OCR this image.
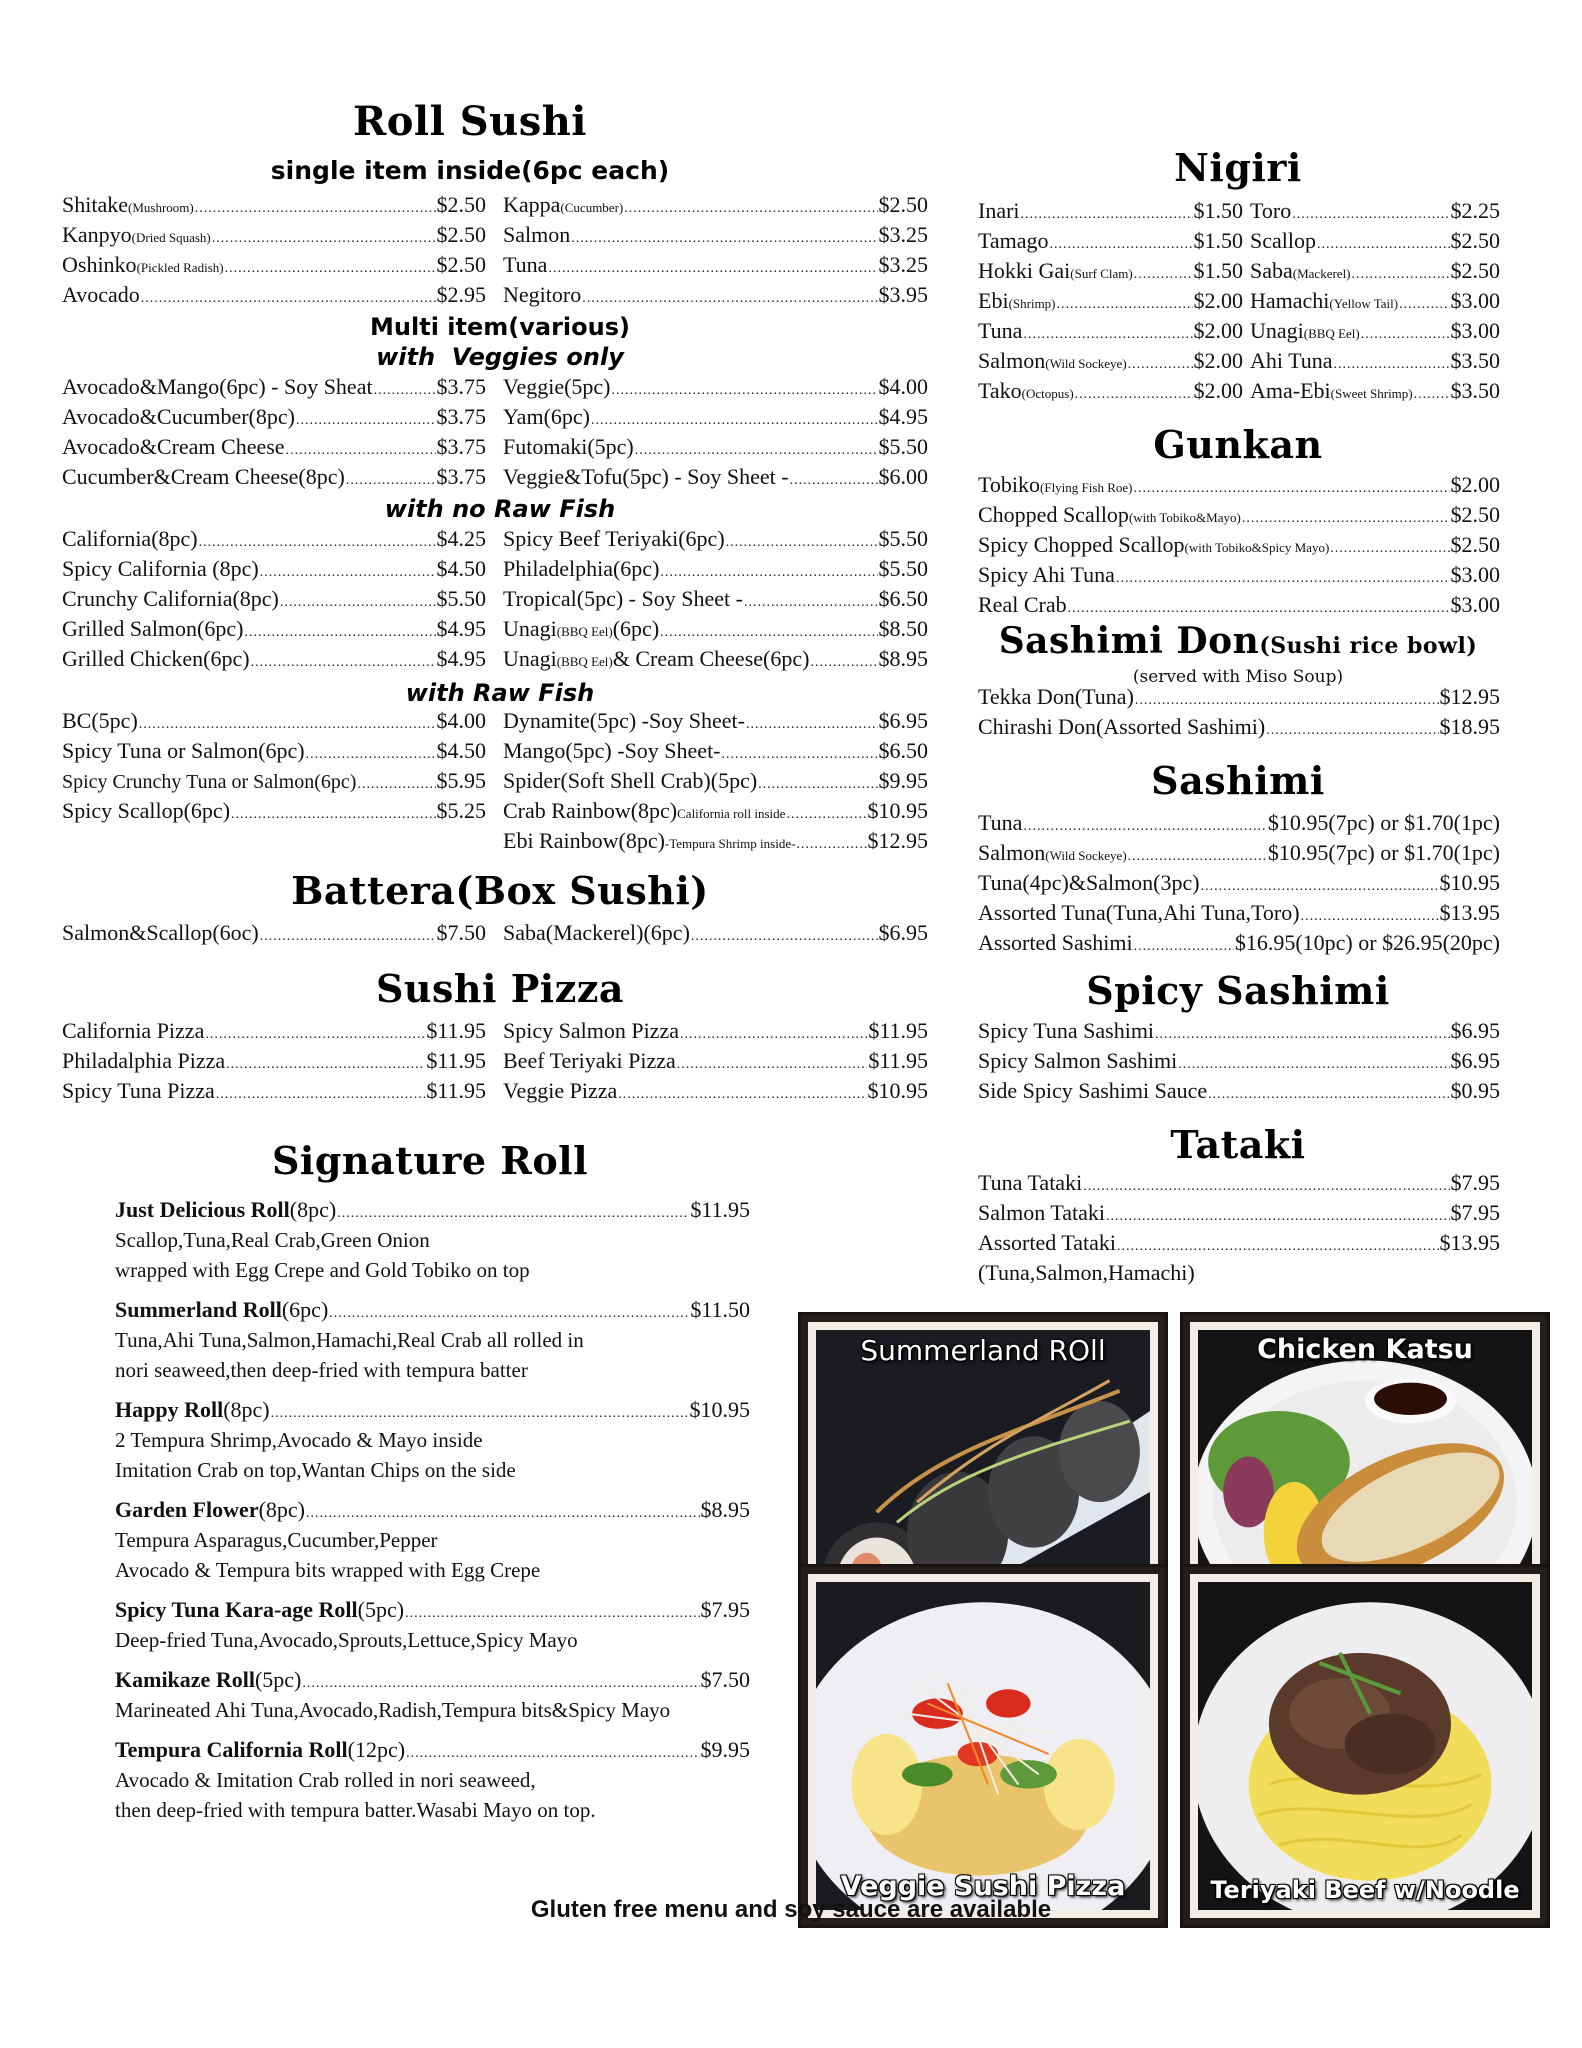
Roll Sushi
single item inside(6pc each)
Shitake (Mushroom) .....	$2.50
Kanpyo (Dried Squash) .....	$2.50
Oshinko (Pickled Radish) .....	$2.50
Avocado .....	$2.95
Kappa (Cucumber) .....	$2.50
Salmon .....	$3.25
Tuna .....	$3.25
Negitoro .....	$3.95
Multi item(various)
with  Veggies only
Avocado&Mango(6pc) - Soy Sheat .....	$3.75
Avocado&Cucumber(8pc) .....	$3.75
Avocado&Cream Cheese .....	$3.75
Cucumber&Cream Cheese(8pc) .....	$3.75
Veggie(5pc) .....	$4.00
Yam(6pc) .....	$4.95
Futomaki(5pc) .....	$5.50
Veggie&Tofu(5pc) - Soy Sheet - .....	$6.00
with no Raw Fish
California(8pc) .....	$4.25
Spicy California (8pc) .....	$4.50
Crunchy California(8pc) .....	$5.50
Grilled Salmon(6pc) .....	$4.95
Grilled Chicken(6pc) .....	$4.95
Spicy Beef Teriyaki(6pc) .....	$5.50
Philadelphia(6pc) .....	$5.50
Tropical(5pc) - Soy Sheet - .....	$6.50
Unagi (BBQ Eel) (6pc) .....	$8.50
Unagi (BBQ Eel) & Cream Cheese(6pc) .....	$8.95
with Raw Fish
BC(5pc) .....	$4.00
Spicy Tuna or Salmon(6pc) .....	$4.50
Spicy Crunchy Tuna or Salmon(6pc) .....	$5.95
Spicy Scallop(6pc) .....	$5.25
Dynamite(5pc) -Soy Sheet- .....	$6.95
Mango(5pc) -Soy Sheet- .....	$6.50
Spider(Soft Shell Crab)(5pc) .....	$9.95
Crab Rainbow(8pc) California roll inside .....	$10.95
Ebi Rainbow(8pc) -Tempura Shrimp inside- .....	$12.95
Battera(Box Sushi)
Salmon&Scallop(6oc) .....	$7.50 Saba(Mackerel)(6pc) .....	$6.95
Sushi Pizza
California Pizza .....	$11.95
Philadalphia Pizza .....	$11.95
Spicy Tuna Pizza .....	$11.95
Spicy Salmon Pizza .....	$11.95
Beef Teriyaki Pizza .....	$11.95
Veggie Pizza .....	$10.95
Signature Roll
Just Delicious Roll (8pc) .....	$11.95
Scallop,Tuna,Real Crab,Green Onion
wrapped with Egg Crepe and Gold Tobiko on top
Summerland Roll (6pc) .....	$11.50
Tuna,Ahi Tuna,Salmon,Hamachi,Real Crab all rolled in
nori seaweed,then deep-fried with tempura batter
Happy Roll (8pc) .....	$10.95
2 Tempura Shrimp,Avocado & Mayo inside
Imitation Crab on top,Wantan Chips on the side
Garden Flower (8pc) .....	$8.95
Tempura Asparagus,Cucumber,Pepper
Avocado & Tempura bits wrapped with Egg Crepe
Spicy Tuna Kara-age Roll (5pc) .....	$7.95
Deep-fried Tuna,Avocado,Sprouts,Lettuce,Spicy Mayo
Kamikaze Roll (5pc) .....	$7.50
Marineated Ahi Tuna,Avocado,Radish,Tempura bits&Spicy Mayo
Tempura California Roll (12pc) .....	$9.95
Avocado & Imitation Crab rolled in nori seaweed,
then deep-fried with tempura batter.Wasabi Mayo on top.
Nigiri
Inari .....	$1.50
Tamago .....	$1.50
Hokki Gai (Surf Clam) .....	$1.50
Ebi (Shrimp) .....	$2.00
Tuna .....	$2.00
Salmon (Wild Sockeye) .....	$2.00
Tako (Octopus) .....	$2.00
Toro .....	$2.25
Scallop .....	$2.50
Saba (Mackerel) .....	$2.50
Hamachi (Yellow Tail) ..... $3.00
Unagi (BBQ Eel) .....	$3.00
Ahi Tuna .....	$3.50
Ama-Ebi (Sweet Shrimp) ..... $3.50
Gunkan
Tobiko (Flying Fish Roe) .....	$2.00
Chopped Scallop (with Tobiko&Mayo) .....	$2.50
Spicy Chopped Scallop (with Tobiko&Spicy Mayo) .....	$2.50
Spicy Ahi Tuna .....	$3.00
Real Crab .....	$3.00
Sashimi Don(Sushi rice bowl)
(served with Miso Soup)
Tekka Don(Tuna) .....	$12.95
Chirashi Don(Assorted Sashimi) .....	$18.95
Sashimi
Tuna .....	$10.95(7pc) or $1.70(1pc)
Salmon (Wild Sockeye) .....	$10.95(7pc) or $1.70(1pc)
Tuna(4pc)&Salmon(3pc) .....	$10.95
Assorted Tuna(Tuna,Ahi Tuna,Toro) .....	$13.95
Assorted Sashimi .....	$16.95(10pc) or $26.95(20pc)
Spicy Sashimi
Spicy Tuna Sashimi .....	$6.95
Spicy Salmon Sashimi .....	$6.95
Side Spicy Sashimi Sauce .....	$0.95
Tataki
Tuna Tataki .....	$7.95
Salmon Tataki .....	$7.95
Assorted Tataki .....	$13.95
(Tuna,Salmon,Hamachi)
Summerland ROll	Chicken Katsu
Veggie Sushi Pizza	Teriyaki Beef w/Noodle
Gluten free menu and soy sauce are available
